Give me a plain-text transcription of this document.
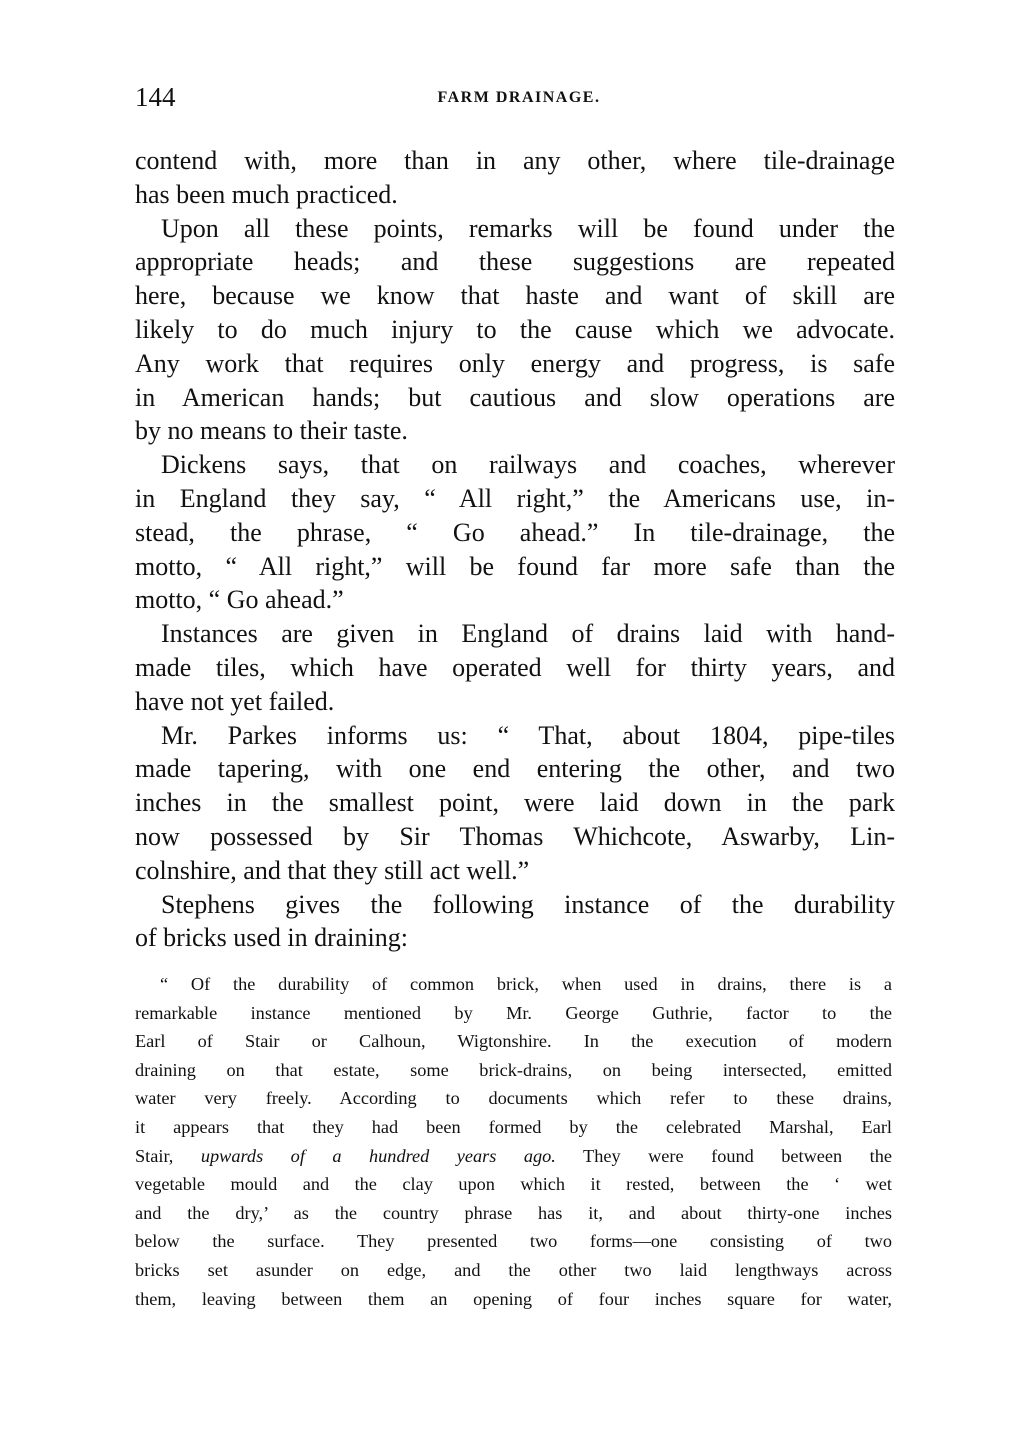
144	FARM DRAINAGE.
contend with, more than in any other, where tile-drainage
has been much practiced.
Upon all these points, remarks will be found under the
appropriate heads; and these suggestions are repeated
here, because we know that haste and want of skill are
likely to do much injury to the cause which we advocate.
Any work that requires only energy and progress, is safe
in American hands; but cautious and slow operations are
by no means to their taste.
Dickens says, that on railways and coaches, wherever
in England they say, “ All right,” the Americans use, in-
stead, the phrase, “ Go ahead.” In tile-drainage, the
motto, “ All right,” will be found far more safe than the
motto, “ Go ahead.”
Instances are given in England of drains laid with hand-
made tiles, which have operated well for thirty years, and
have not yet failed.
Mr. Parkes informs us: “ That, about 1804, pipe-tiles
made tapering, with one end entering the other, and two
inches in the smallest point, were laid down in the park
now possessed by Sir Thomas Whichcote, Aswarby, Lin-
colnshire, and that they still act well.”
Stephens gives the following instance of the durability
of bricks used in draining:
“ Of the durability of common brick, when used in drains, there is a
remarkable instance mentioned by Mr. George Guthrie, factor to the
Earl of Stair or Calhoun, Wigtonshire. In the execution of modern
draining on that estate, some brick-drains, on being intersected, emitted
water very freely. According to documents which refer to these drains,
it appears that they had been formed by the celebrated Marshal, Earl
Stair, upwards of a hundred years ago. They were found between the
vegetable mould and the clay upon which it rested, between the ‘ wet
and the dry,’ as the country phrase has it, and about thirty-one inches
below the surface. They presented two forms—one consisting of two
bricks set asunder on edge, and the other two laid lengthways across
them, leaving between them an opening of four inches square for water,
